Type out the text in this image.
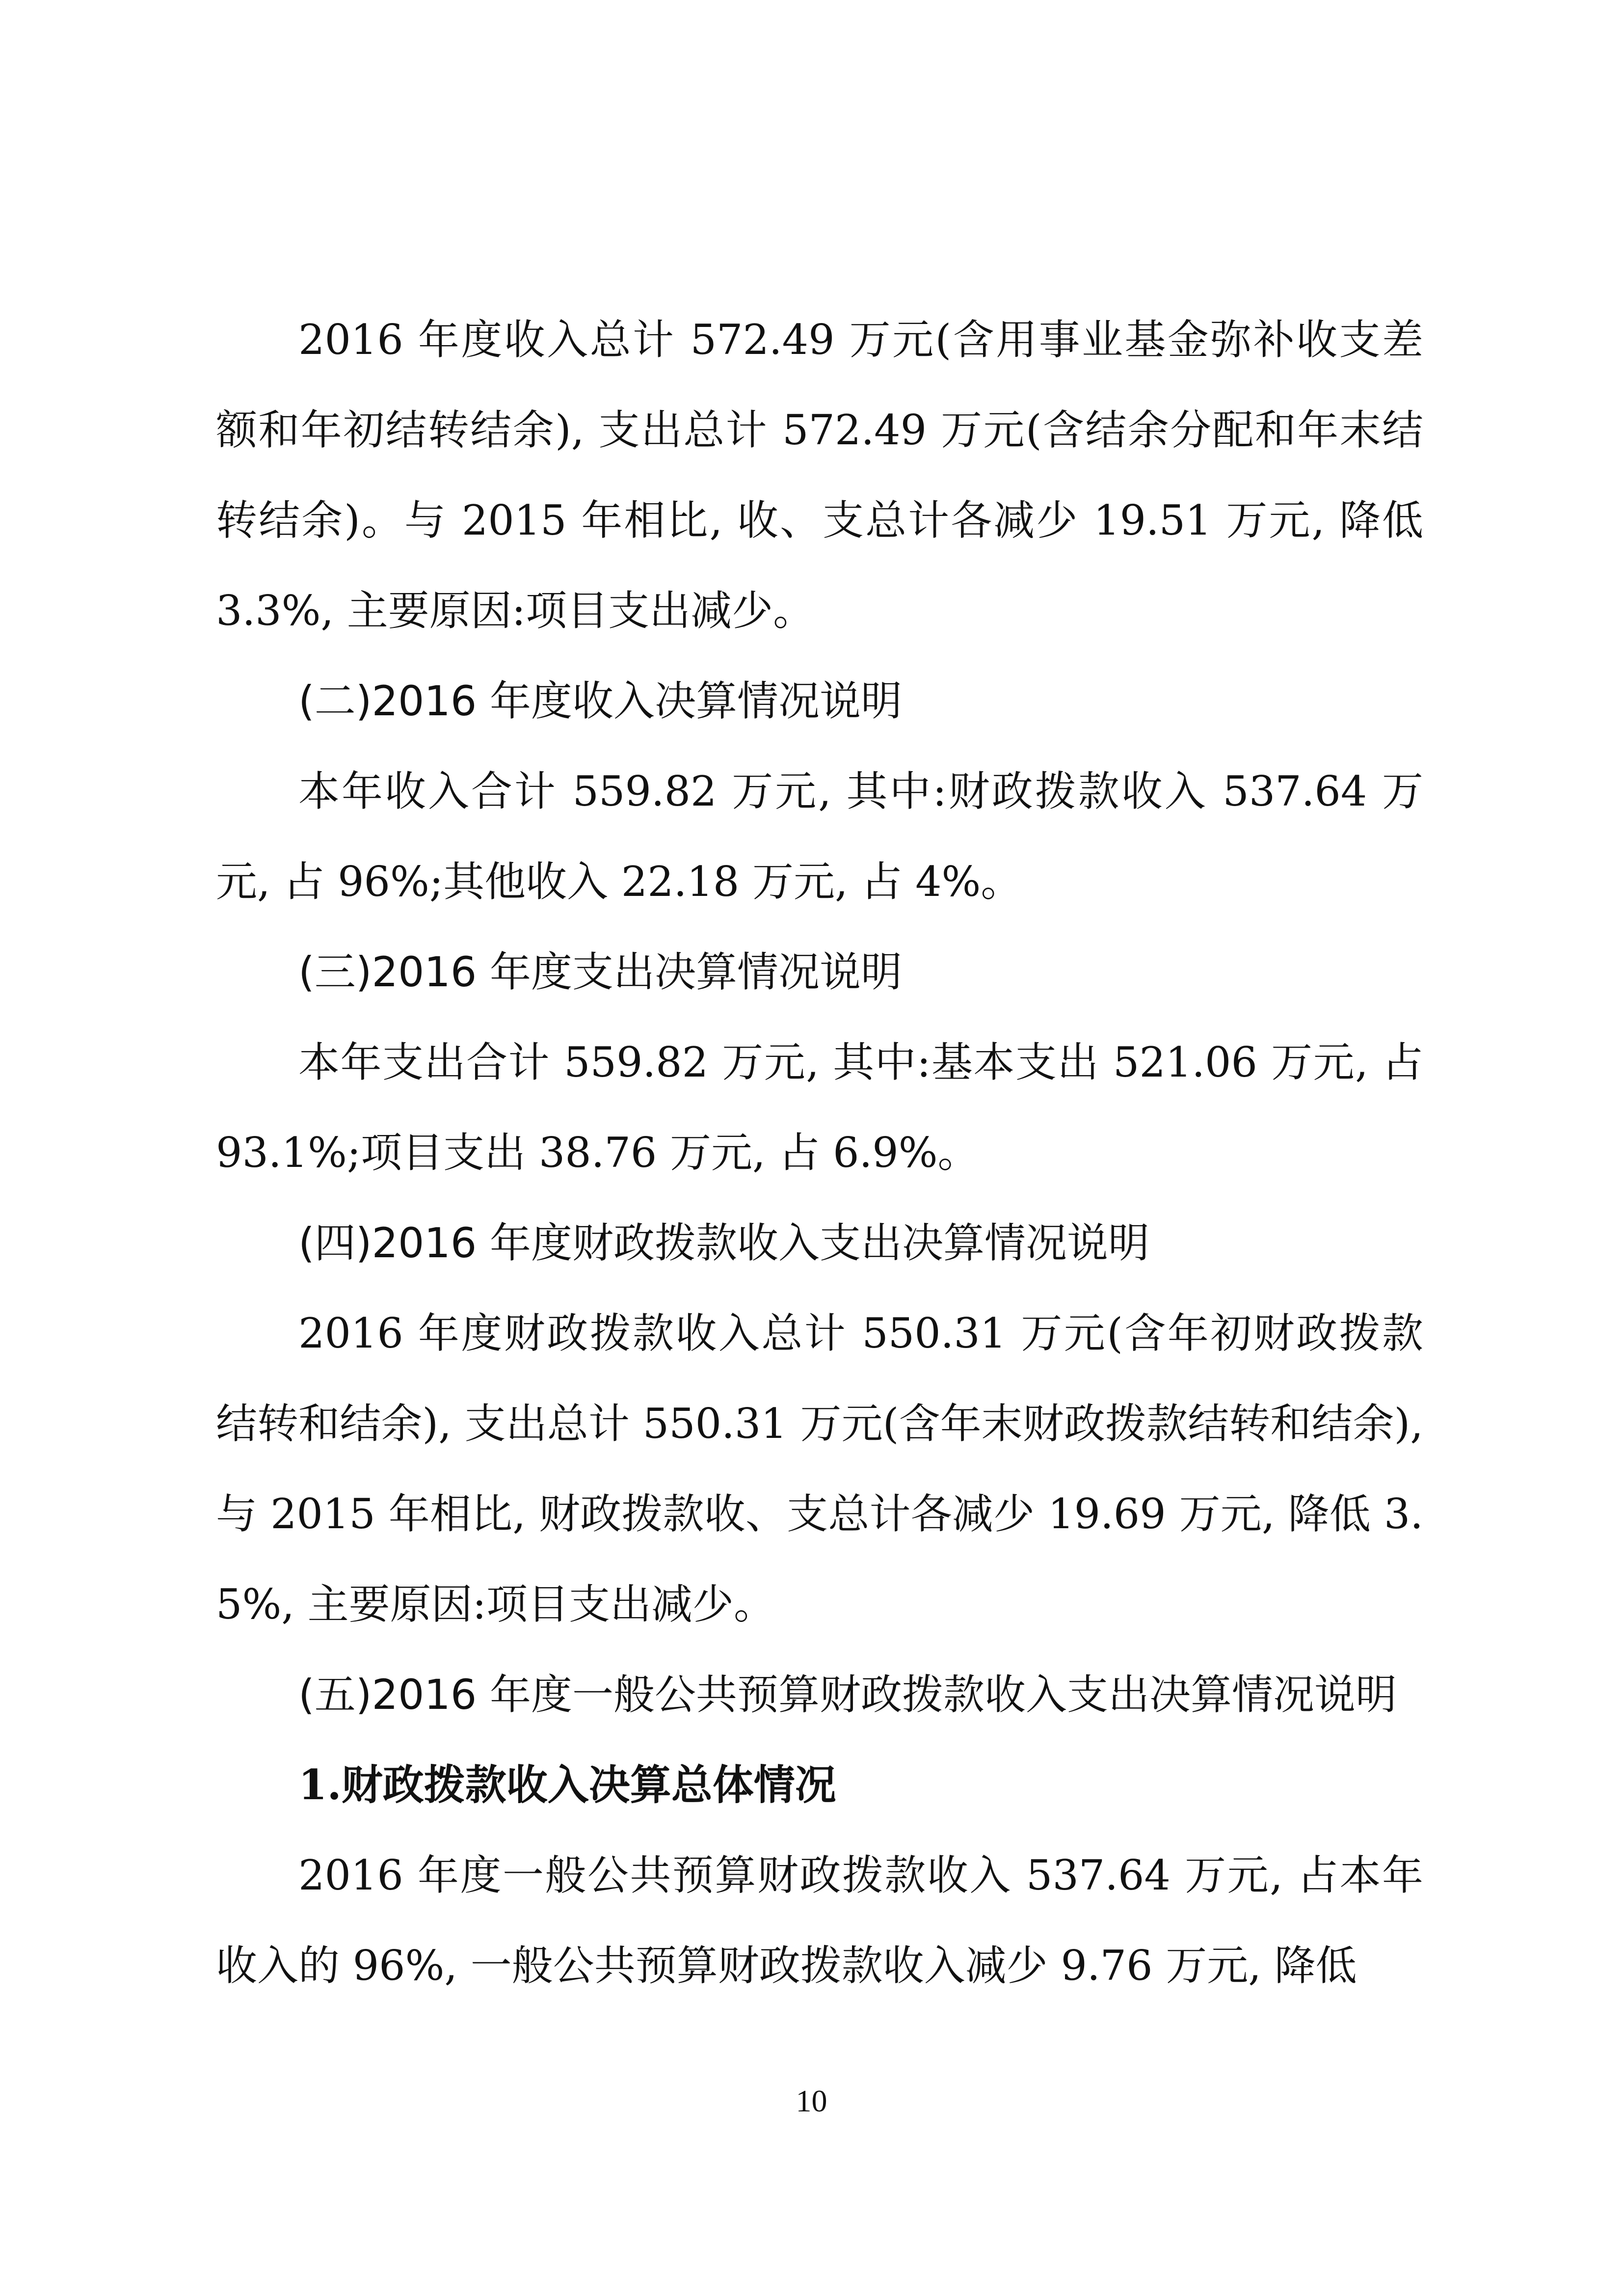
2016 年度收入总计 572.49 万元(含用事业基金弥补收支差额和年初结转结余), 支出总计 572.49 万元(含结余分配和年末结转结余)。与 2015 年相比, 收、支总计各减少 19.51 万元, 降低 3.3%, 主要原因:项目支出减少。

(二)2016 年度收入决算情况说明

本年收入合计 559.82 万元, 其中:财政拨款收入 537.64 万元, 占 96%;其他收入 22.18 万元, 占 4%。

(三)2016 年度支出决算情况说明

本年支出合计 559.82 万元, 其中:基本支出 521.06 万元, 占 93.1%;项目支出 38.76 万元, 占 6.9%。

(四)2016 年度财政拨款收入支出决算情况说明

2016 年度财政拨款收入总计 550.31 万元(含年初财政拨款结转和结余), 支出总计 550.31 万元(含年末财政拨款结转和结余), 与 2015 年相比, 财政拨款收、支总计各减少 19.69 万元, 降低 3.5%, 主要原因:项目支出减少。

(五)2016 年度一般公共预算财政拨款收入支出决算情况说明

1.财政拨款收入决算总体情况

2016 年度一般公共预算财政拨款收入 537.64 万元, 占本年收入的 96%, 一般公共预算财政拨款收入减少 9.76 万元, 降低

10
